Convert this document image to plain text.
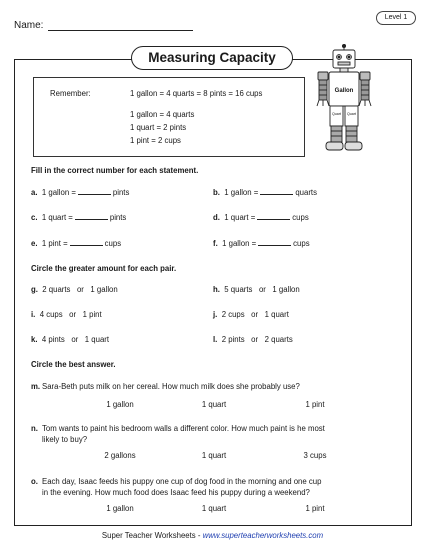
Name:
Level 1
Measuring Capacity
Remember:	1 gallon = 4 quarts = 8 pints = 16 cups
1 gallon = 4 quarts
1 quart = 2 pints
1 pint = 2 cups
Gallon
Quart Quart
Fill in the correct number for each statement.
a. 1 gallon =	pints	b. 1 gallon =	quarts
c. 1 quart =	pints	d. 1 quart =	cups
e. 1 pint =	cups	f. 1 gallon =	cups
Circle the greater amount for each pair.
g. 2 quarts or 1 gallon	h. 5 quarts or 1 gallon
i. 4 cups or 1 pint	j. 2 cups or 1 quart
k. 4 pints or 1 quart	l. 2 pints or 2 quarts
Circle the best answer.
m. Sara-Beth puts milk on her cereal. How much milk does she probably use?
1 gallon	1 quart	1 pint
n. Tom wants to paint his bedroom walls a different color. How much paint is he most
likely to buy?
2 gallons	1 quart	3 cups
o. Each day, Isaac feeds his puppy one cup of dog food in the morning and one cup
in the evening. How much food does Isaac feed his puppy during a weekend?
1 gallon	1 quart	1 pint
Super Teacher Worksheets - www.superteacherworksheets.com
